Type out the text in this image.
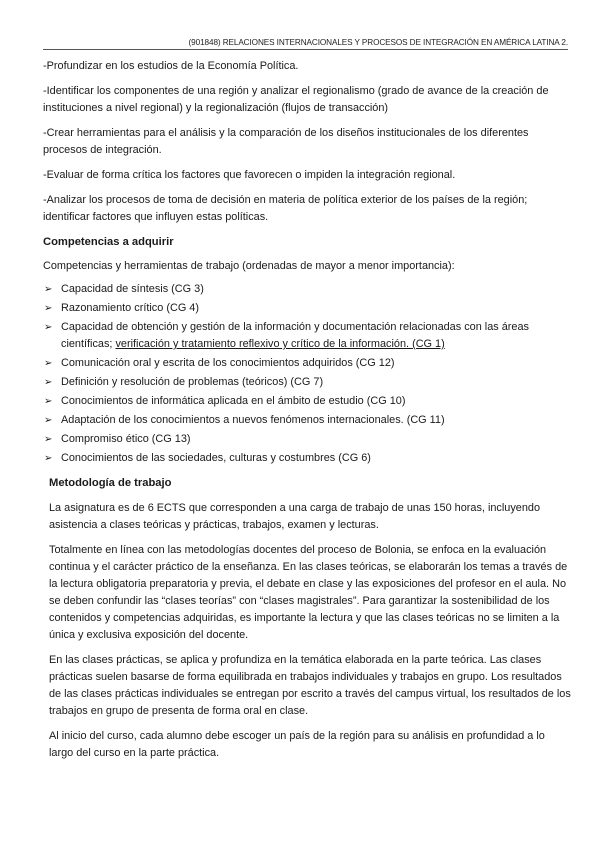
(901848) RELACIONES INTERNACIONALES Y PROCESOS DE INTEGRACIÓN EN AMÉRICA LATINA 2.

-Profundizar en los estudios de la Economía Política.

-Identificar los componentes de una región y analizar el regionalismo (grado de avance de la creación de instituciones a nivel regional) y la regionalización (flujos de transacción)

-Crear herramientas para el análisis y la comparación de los diseños institucionales de los diferentes procesos de integración.

-Evaluar de forma crítica los factores que favorecen o impiden la integración regional.

-Analizar los procesos de toma de decisión en materia de política exterior de los países de la región; identificar factores que influyen estas políticas.

Competencias a adquirir

Competencias y herramientas de trabajo (ordenadas de mayor a menor importancia):

➢ Capacidad de síntesis (CG 3)
➢ Razonamiento crítico (CG 4)
➢ Capacidad de obtención y gestión de la información y documentación relacionadas con las áreas científicas; verificación y tratamiento reflexivo y crítico de la información. (CG 1)
➢ Comunicación oral y escrita de los conocimientos adquiridos (CG 12)
➢ Definición y resolución de problemas (teóricos) (CG 7)
➢ Conocimientos de informática aplicada en el ámbito de estudio (CG 10)
➢ Adaptación de los conocimientos a nuevos fenómenos internacionales. (CG 11)
➢ Compromiso ético (CG 13)
➢ Conocimientos de las sociedades, culturas y costumbres (CG 6)
Metodología de trabajo

La asignatura es de 6 ECTS que corresponden a una carga de trabajo de unas 150 horas, incluyendo asistencia a clases teóricas y prácticas, trabajos, examen y lecturas.

Totalmente en línea con las metodologías docentes del proceso de Bolonia, se enfoca en la evaluación continua y el carácter práctico de la enseñanza. En las clases teóricas, se elaborarán los temas a través de la lectura obligatoria preparatoria y previa, el debate en clase y las exposiciones del profesor en el aula. No se deben confundir las “clases teorías” con “clases magistrales”. Para garantizar la sostenibilidad de los contenidos y competencias adquiridas, es importante la lectura y que las clases teóricas no se limiten a la única y exclusiva exposición del docente.

En las clases prácticas, se aplica y profundiza en la temática elaborada en la parte teórica. Las clases prácticas suelen basarse de forma equilibrada en trabajos individuales y trabajos en grupo. Los resultados de las clases prácticas individuales se entregan por escrito a través del campus virtual, los resultados de los trabajos en grupo de presenta de forma oral en clase.

Al inicio del curso, cada alumno debe escoger un país de la región para su análisis en profundidad a lo largo del curso en la parte práctica.
